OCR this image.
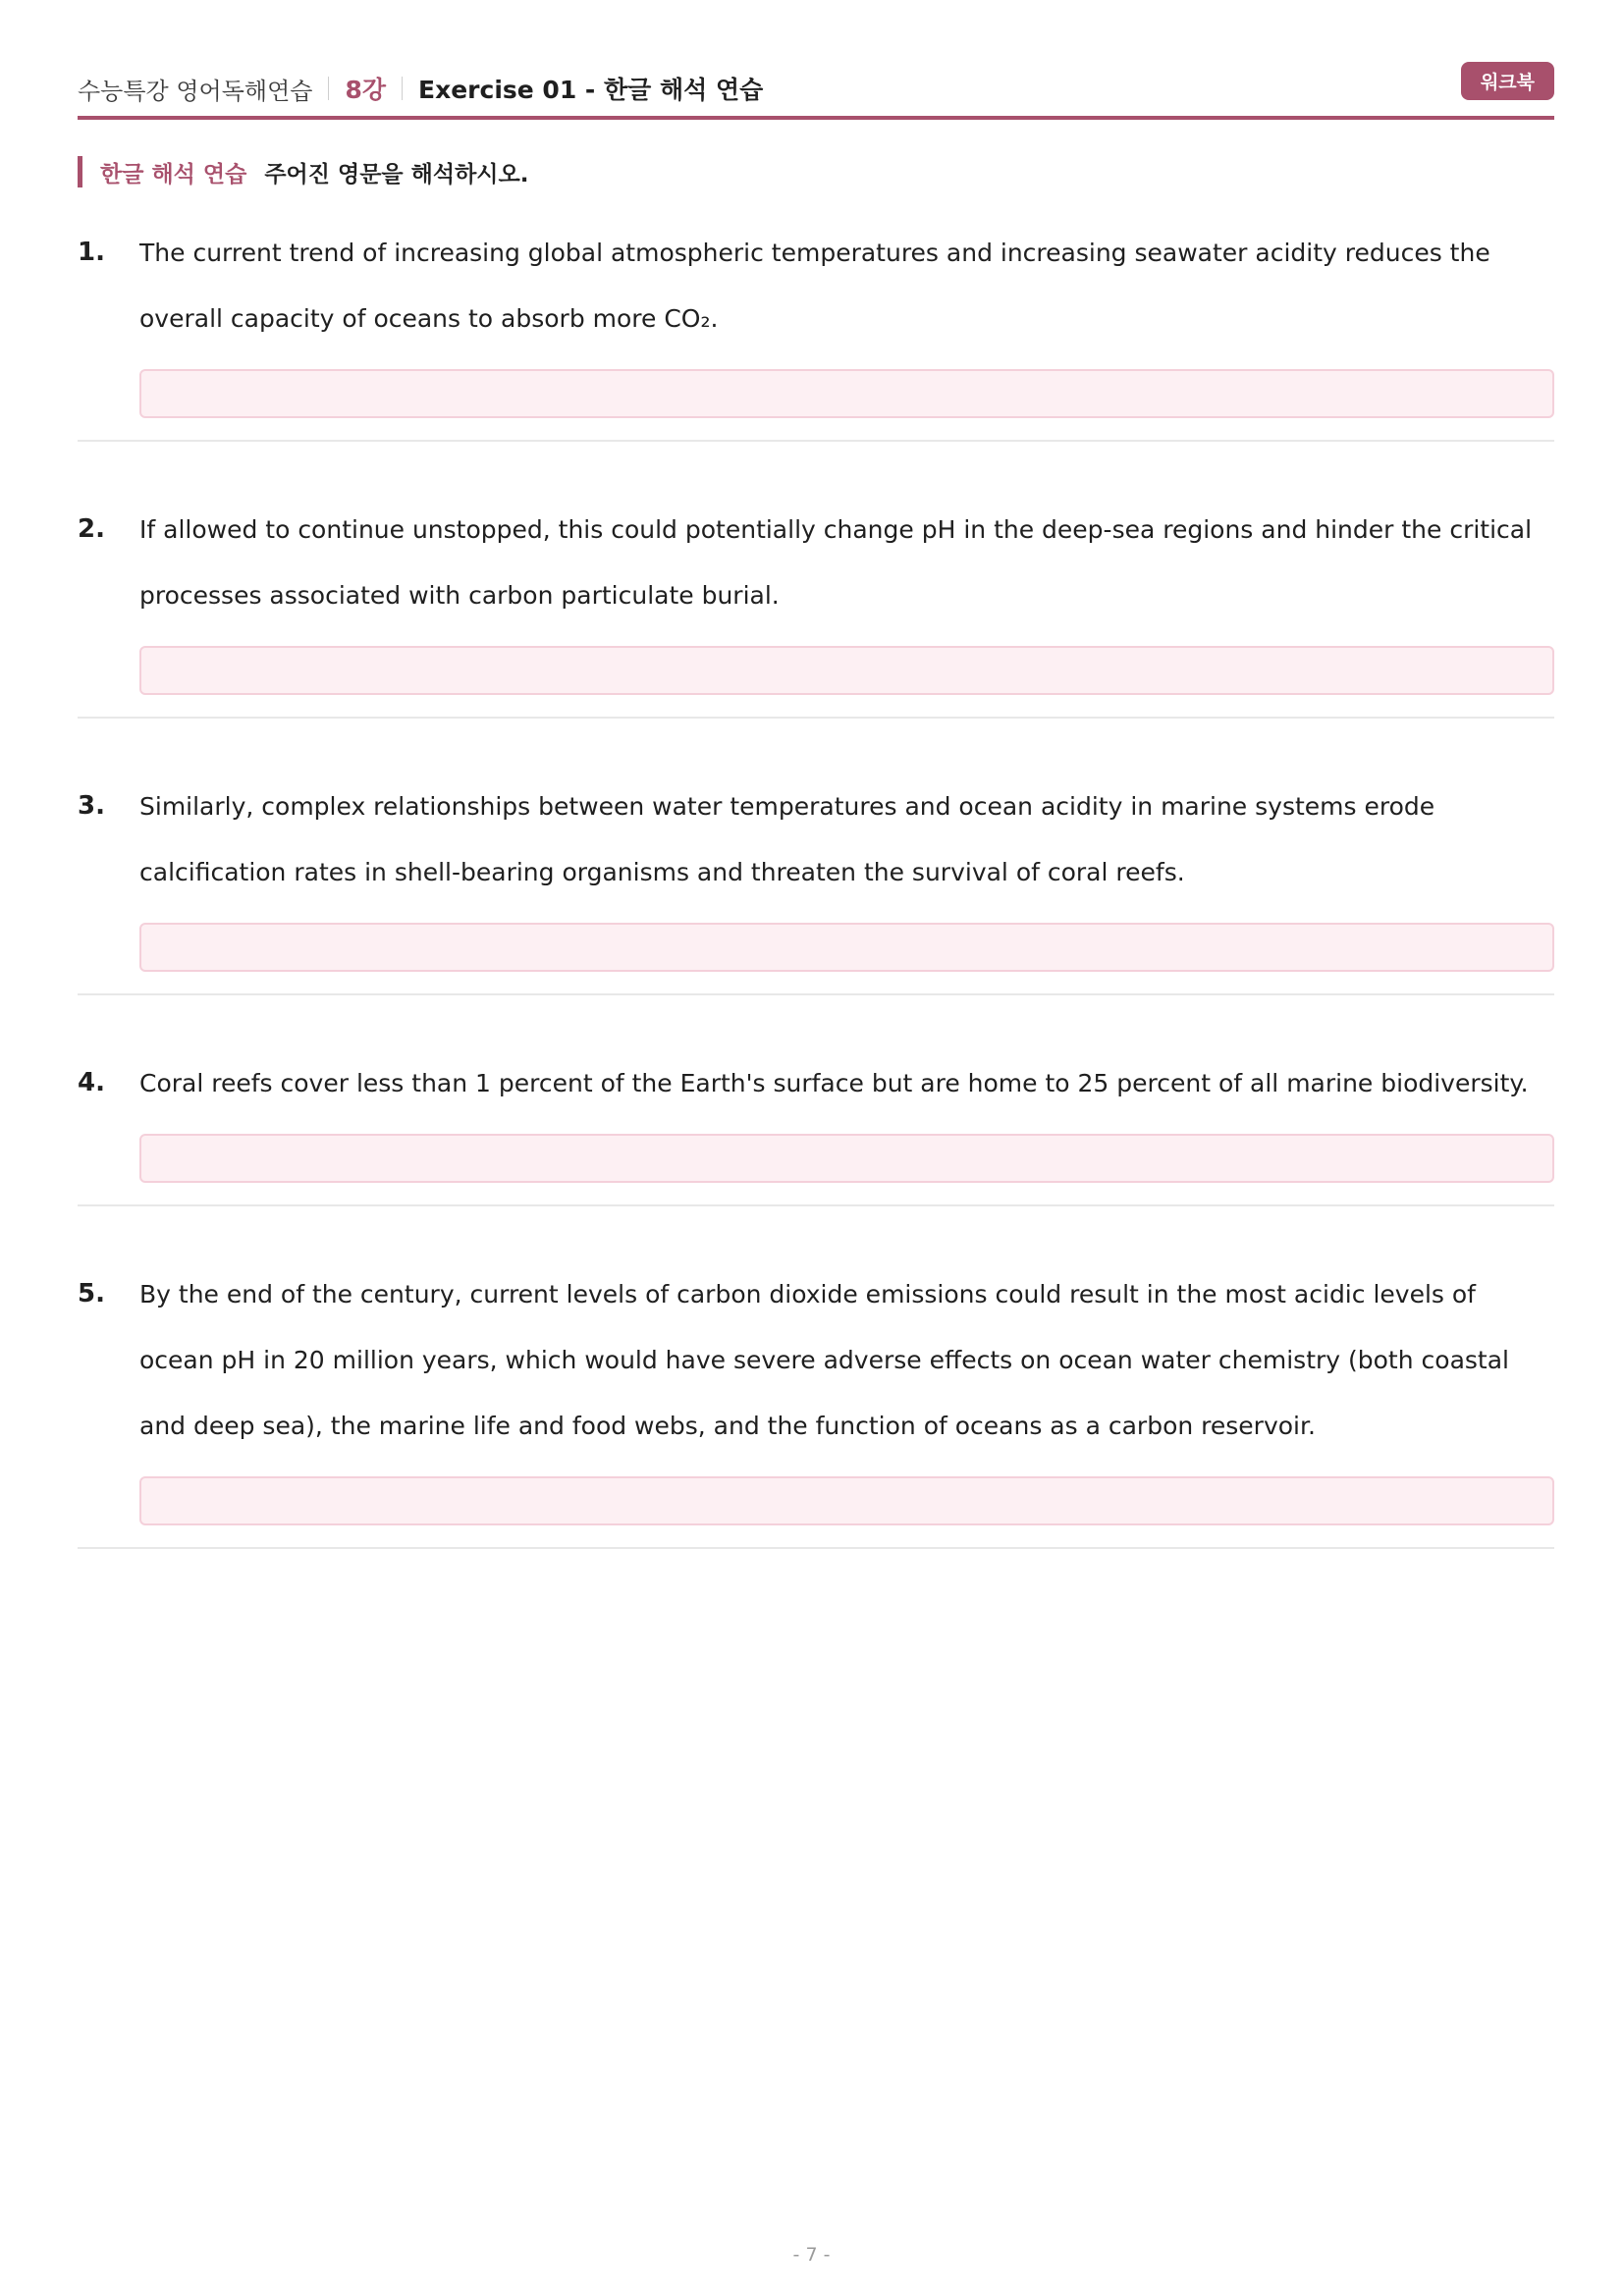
수능특강 영어독해연습 8강 Exercise 01 - 한글 해석 연습	워크북
한글 해석 연습 주어진 영문을 해석하시오.
1. The current trend of increasing global atmospheric temperatures and increasing seawater acidity reduces the overall capacity of oceans to absorb more CO₂.
2. If allowed to continue unstopped, this could potentially change pH in the deep-sea regions and hinder the critical processes associated with carbon particulate burial.
3. Similarly, complex relationships between water temperatures and ocean acidity in marine systems erode calcification rates in shell-bearing organisms and threaten the survival of coral reefs.
4. Coral reefs cover less than 1 percent of the Earth's surface but are home to 25 percent of all marine biodiversity.
5. By the end of the century, current levels of carbon dioxide emissions could result in the most acidic levels of ocean pH in 20 million years, which would have severe adverse effects on ocean water chemistry (both coastal and deep sea), the marine life and food webs, and the function of oceans as a carbon reservoir.
- 7 -
